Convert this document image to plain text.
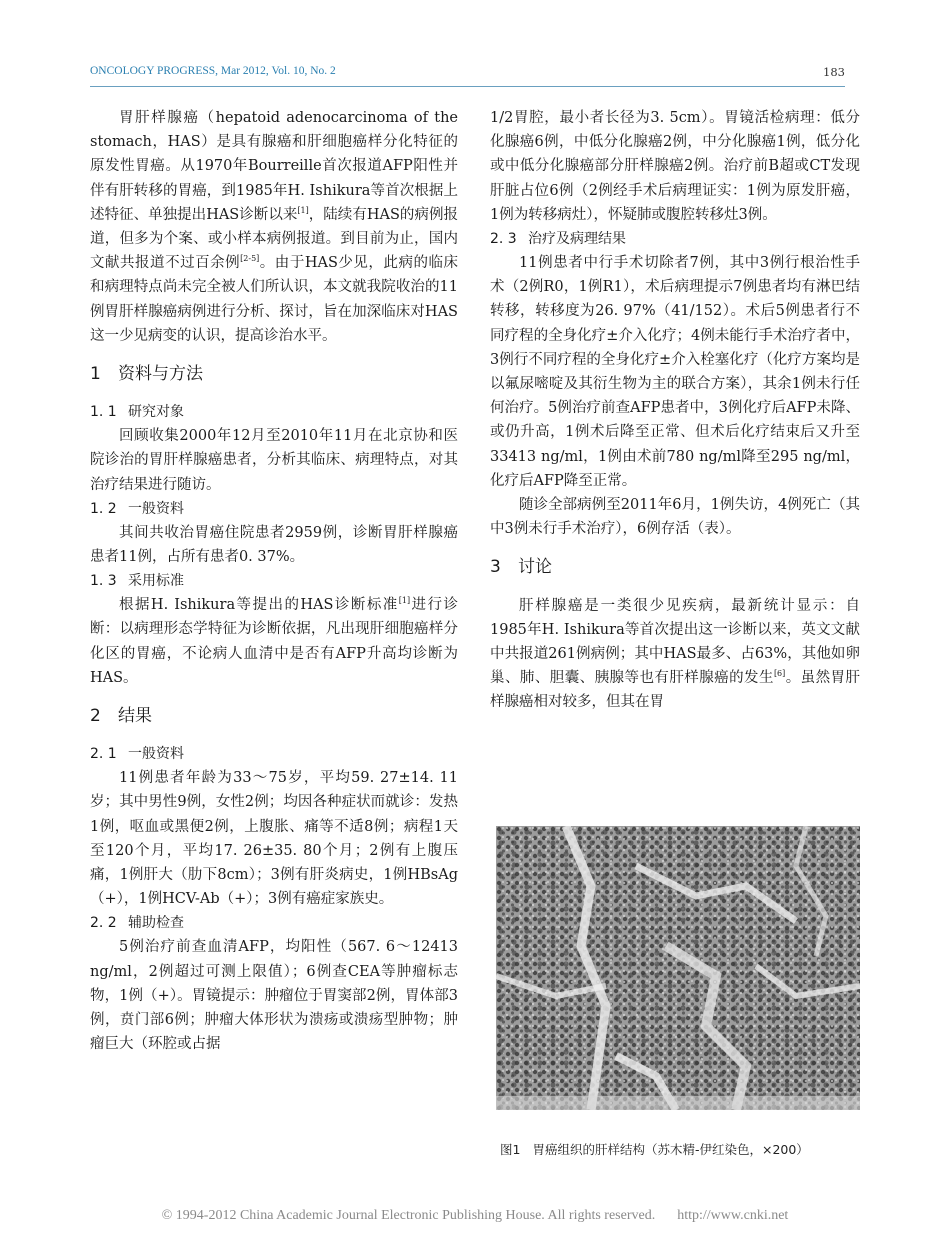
ONCOLOGY PROGRESS, Mar 2012, Vol. 10, No. 2	183

胃肝样腺癌（hepatoid adenocarcinoma of the stomach，HAS）是具有腺癌和肝细胞癌样分化特征的原发性胃癌。从1970年Bourreille首次报道AFP阳性并伴有肝转移的胃癌，到1985年H. Ishikura等首次根据上述特征、单独提出HAS诊断以来[1]，陆续有HAS的病例报道，但多为个案、或小样本病例报道。到目前为止，国内文献共报道不过百余例[2-5]。由于HAS少见，此病的临床和病理特点尚未完全被人们所认识，本文就我院收治的11例胃肝样腺癌病例进行分析、探讨，旨在加深临床对HAS这一少见病变的认识，提高诊治水平。

1 资料与方法
1. 1 研究对象

回顾收集2000年12月至2010年11月在北京协和医院诊治的胃肝样腺癌患者，分析其临床、病理特点，对其治疗结果进行随访。

1. 2 一般资料

其间共收治胃癌住院患者2959例，诊断胃肝样腺癌患者11例，占所有患者0. 37%。

1. 3 采用标准

根据H. Ishikura等提出的HAS诊断标准[1]进行诊断：以病理形态学特征为诊断依据，凡出现肝细胞癌样分化区的胃癌，不论病人血清中是否有AFP升高均诊断为HAS。

2 结果
2. 1 一般资料

11例患者年龄为33～75岁，平均59. 27±14. 11岁；其中男性9例，女性2例；均因各种症状而就诊：发热1例，呕血或黑便2例，上腹胀、痛等不适8例；病程1天至120个月，平均17. 26±35. 80个月；2例有上腹压痛，1例肝大（肋下8cm）；3例有肝炎病史，1例HBsAg（+），1例HCV-Ab（+）；3例有癌症家族史。

2. 2 辅助检查

5例治疗前查血清AFP，均阳性（567. 6～12413 ng/ml，2例超过可测上限值）；6例查CEA等肿瘤标志物，1例（+）。胃镜提示：肿瘤位于胃窦部2例，胃体部3例，贲门部6例；肿瘤大体形状为溃疡或溃疡型肿物；肿瘤巨大（环腔或占据

1/2胃腔，最小者长径为3. 5cm）。胃镜活检病理：低分化腺癌6例，中低分化腺癌2例，中分化腺癌1例，低分化或中低分化腺癌部分肝样腺癌2例。治疗前B超或CT发现肝脏占位6例（2例经手术后病理证实：1例为原发肝癌，1例为转移病灶），怀疑肺或腹腔转移灶3例。

2. 3 治疗及病理结果

11例患者中行手术切除者7例，其中3例行根治性手术（2例R0，1例R1），术后病理提示7例患者均有淋巴结转移，转移度为26. 97%（41/152）。术后5例患者行不同疗程的全身化疗±介入化疗；4例未能行手术治疗者中，3例行不同疗程的全身化疗±介入栓塞化疗（化疗方案均是以氟尿嘧啶及其衍生物为主的联合方案），其余1例未行任何治疗。5例治疗前查AFP患者中，3例化疗后AFP未降、或仍升高，1例术后降至正常、但术后化疗结束后又升至33413 ng/ml，1例由术前780 ng/ml降至295 ng/ml，化疗后AFP降至正常。

随诊全部病例至2011年6月，1例失访，4例死亡（其中3例未行手术治疗），6例存活（表）。

3 讨论

肝样腺癌是一类很少见疾病，最新统计显示：自1985年H. Ishikura等首次提出这一诊断以来，英文文献中共报道261例病例；其中HAS最多、占63%，其他如卵巢、肺、胆囊、胰腺等也有肝样腺癌的发生[6]。虽然胃肝样腺癌相对较多，但其在胃

图1 胃癌组织的肝样结构（苏木精-伊红染色，×200）
© 1994-2012 China Academic Journal Electronic Publishing House. All rights reserved. http://www.cnki.net
